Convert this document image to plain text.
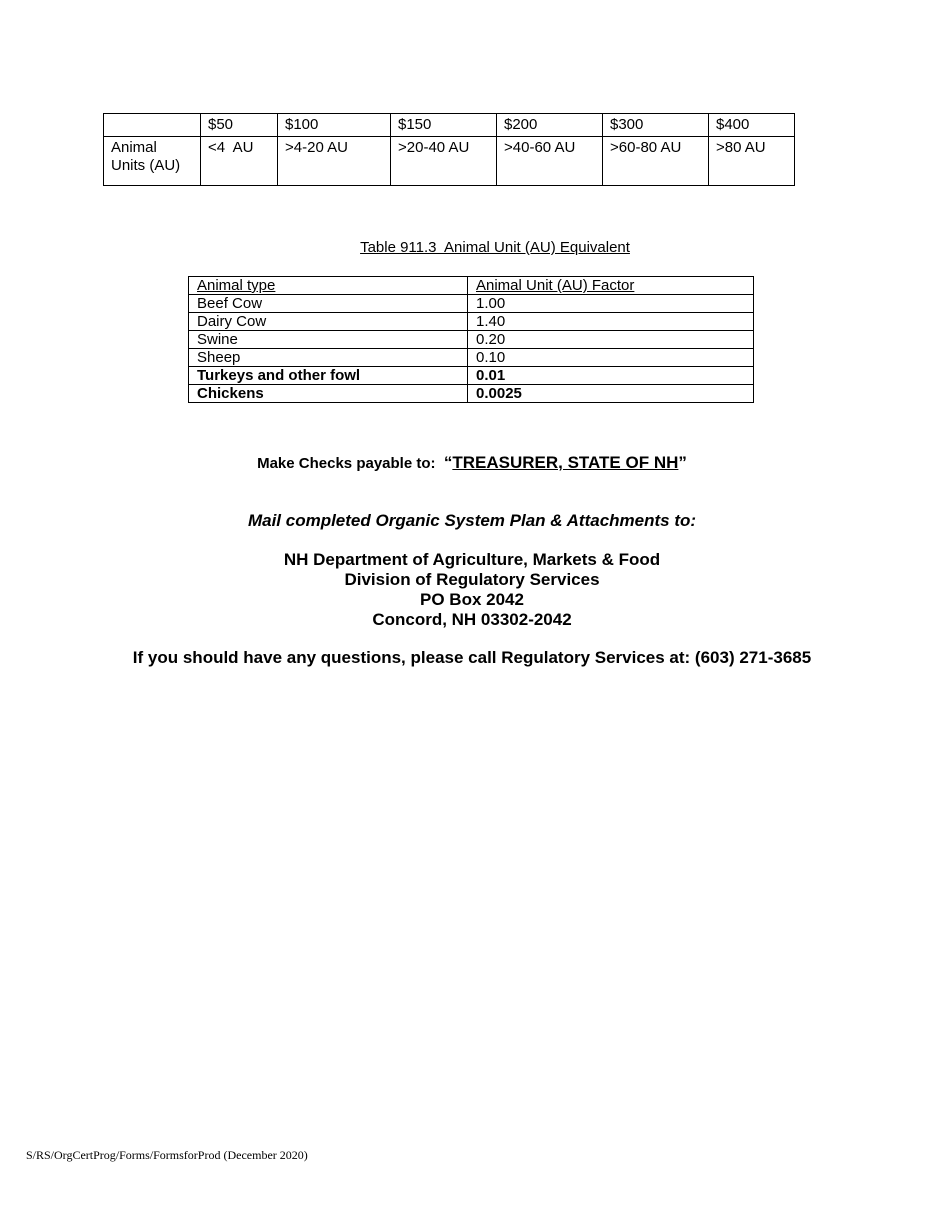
	$50	$100	$150	$200	$300	$400
Animal
Units (AU)	<4  AU	>4-20 AU	>20-40 AU	>40-60 AU	>60-80 AU	>80 AU
Table 911.3  Animal Unit (AU) Equivalent
Animal type	Animal Unit (AU) Factor
Beef Cow	1.00
Dairy Cow	1.40
Swine	0.20
Sheep	0.10
Turkeys and other fowl	0.01
Chickens	0.0025
Make Checks payable to: “TREASURER, STATE OF NH”
Mail completed Organic System Plan & Attachments to:
NH Department of Agriculture, Markets & Food
Division of Regulatory Services
PO Box 2042
Concord, NH 03302-2042
If you should have any questions, please call Regulatory Services at: (603) 271-3685
S/RS/OrgCertProg/Forms/FormsforProd (December 2020)
